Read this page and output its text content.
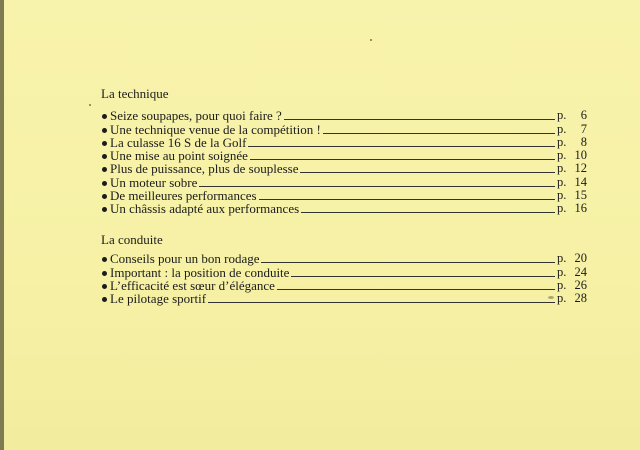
La technique
Seize soupapes, pour quoi faire ?	p. 6
Une technique venue de la compétition !	p. 7
La culasse 16 S de la Golf	p. 8
Une mise au point soignée	p. 10
Plus de puissance, plus de souplesse	p. 12
Un moteur sobre	p. 14
De meilleures performances	p. 15
Un châssis adapté aux performances	p. 16
La conduite
Conseils pour un bon rodage	p. 20
Important : la position de conduite	p. 24
L’efficacité est sœur d’élégance	p. 26
Le pilotage sportif	p. 28
